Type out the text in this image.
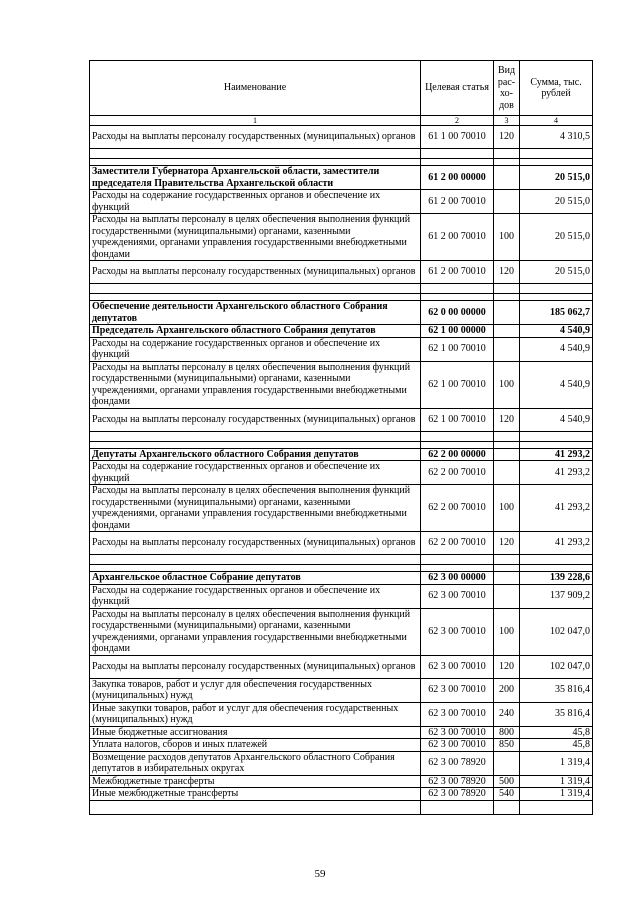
Наименование	Целевая статья	Вид рас- хо- дов	Сумма, тыс. рублей
1	2	3	4
Расходы на выплаты персоналу государственных (муниципальных) органов	61 1 00 70010	120	4 310,5

Заместители Губернатора Архангельской области, заместители председателя Правительства Архангельской области	61 2 00 00000		20 515,0
Расходы на содержание государственных органов и обеспечение их функций	61 2 00 70010		20 515,0
Расходы на выплаты персоналу в целях обеспечения выполнения функций государственными (муниципальными) органами, казенными учреждениями, органами управления государственными внебюджетными фондами	61 2 00 70010	100	20 515,0
Расходы на выплаты персоналу государственных (муниципальных) органов	61 2 00 70010	120	20 515,0

Обеспечение деятельности Архангельского областного Собрания депутатов	62 0 00 00000		185 062,7
Председатель Архангельского областного Собрания депутатов	62 1 00 00000		4 540,9
Расходы на содержание государственных органов и обеспечение их функций	62 1 00 70010		4 540,9
Расходы на выплаты персоналу в целях обеспечения выполнения функций государственными (муниципальными) органами, казенными учреждениями, органами управления государственными внебюджетными фондами	62 1 00 70010	100	4 540,9
Расходы на выплаты персоналу государственных (муниципальных) органов	62 1 00 70010	120	4 540,9

Депутаты Архангельского областного Собрания депутатов	62 2 00 00000		41 293,2
Расходы на содержание государственных органов и обеспечение их функций	62 2 00 70010		41 293,2
Расходы на выплаты персоналу в целях обеспечения выполнения функций государственными (муниципальными) органами, казенными учреждениями, органами управления государственными внебюджетными фондами	62 2 00 70010	100	41 293,2
Расходы на выплаты персоналу государственных (муниципальных) органов	62 2 00 70010	120	41 293,2

Архангельское областное Собрание депутатов	62 3 00 00000		139 228,6
Расходы на содержание государственных органов и обеспечение их функций	62 3 00 70010		137 909,2
Расходы на выплаты персоналу в целях обеспечения выполнения функций государственными (муниципальными) органами, казенными учреждениями, органами управления государственными внебюджетными фондами	62 3 00 70010	100	102 047,0
Расходы на выплаты персоналу государственных (муниципальных) органов	62 3 00 70010	120	102 047,0
Закупка товаров, работ и услуг для обеспечения государственных (муниципальных) нужд	62 3 00 70010	200	35 816,4
Иные закупки товаров, работ и услуг для обеспечения государственных (муниципальных) нужд	62 3 00 70010	240	35 816,4
Иные бюджетные ассигнования	62 3 00 70010	800	45,8
Уплата налогов, сборов и иных платежей	62 3 00 70010	850	45,8
Возмещение расходов депутатов Архангельского областного Собрания депутатов в избирательных округах	62 3 00 78920		1 319,4
Межбюджетные трансферты	62 3 00 78920	500	1 319,4
Иные межбюджетные трансферты	62 3 00 78920	540	1 319,4

59
